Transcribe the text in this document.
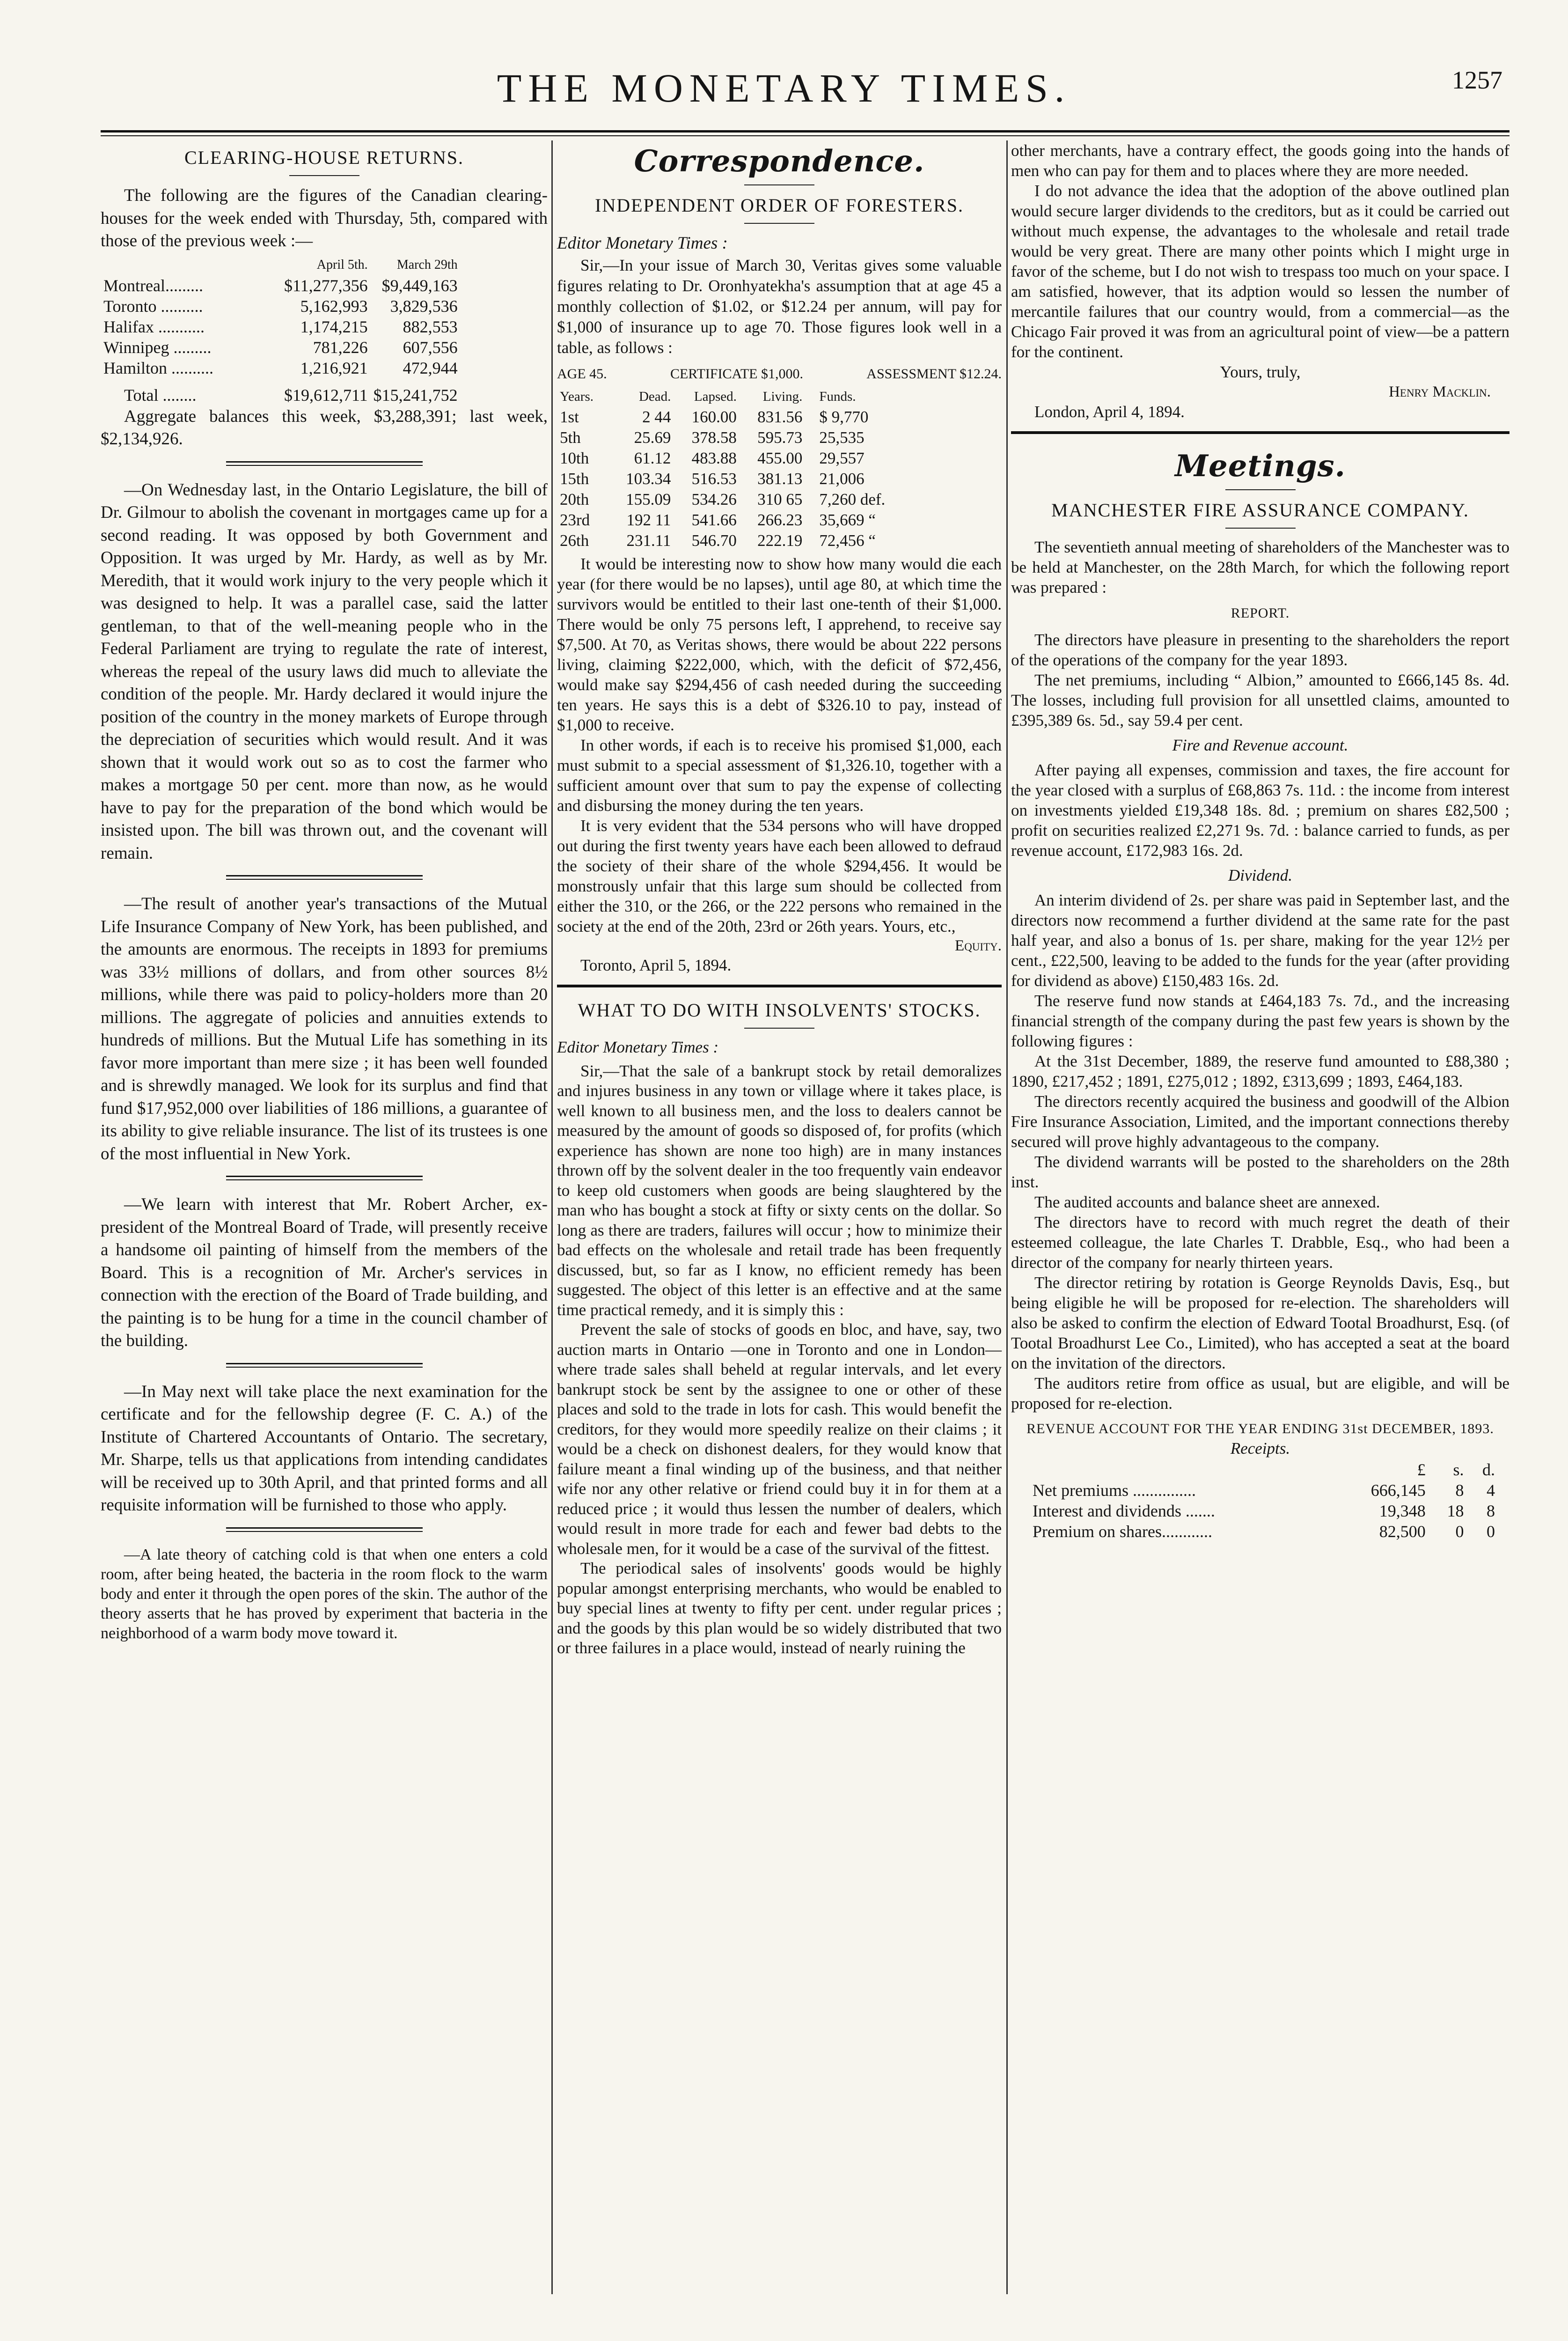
THE MONETARY TIMES.	1257
CLEARING-HOUSE RETURNS.

The following are the figures of the Canadian clearing-houses for the week ended with Thursday, 5th, compared with those of the previous week :—

	April 5th.	March 29th
Montreal.........	$11,277,356	$9,449,163
Toronto ..........	5,162,993	3,829,536
Halifax ...........	1,174,215	882,553
Winnipeg .........	781,226	607,556
Hamilton ..........	1,216,921	472,944
Total ........	$19,612,711	$15,241,752

Aggregate balances this week, $3,288,391; last week, $2,134,926.

—On Wednesday last, in the Ontario Legislature, the bill of Dr. Gilmour to abolish the covenant in mortgages came up for a second reading. It was opposed by both Government and Opposition. It was urged by Mr. Hardy, as well as by Mr. Meredith, that it would work injury to the very people which it was designed to help. It was a parallel case, said the latter gentleman, to that of the well-meaning people who in the Federal Parliament are trying to regulate the rate of interest, whereas the repeal of the usury laws did much to alleviate the condition of the people. Mr. Hardy declared it would injure the position of the country in the money markets of Europe through the depreciation of securities which would result. And it was shown that it would work out so as to cost the farmer who makes a mortgage 50 per cent. more than now, as he would have to pay for the preparation of the bond which would be insisted upon. The bill was thrown out, and the covenant will remain.

—The result of another year's transactions of the Mutual Life Insurance Company of New York, has been published, and the amounts are enormous. The receipts in 1893 for premiums was 33½ millions of dollars, and from other sources 8½ millions, while there was paid to policy-holders more than 20 millions. The aggregate of policies and annuities extends to hundreds of millions. But the Mutual Life has something in its favor more important than mere size ; it has been well founded and is shrewdly managed. We look for its surplus and find that fund $17,952,000 over liabilities of 186 millions, a guarantee of its ability to give reliable insurance. The list of its trustees is one of the most influential in New York.

—We learn with interest that Mr. Robert Archer, ex-president of the Montreal Board of Trade, will presently receive a handsome oil painting of himself from the members of the Board. This is a recognition of Mr. Archer's services in connection with the erection of the Board of Trade building, and the painting is to be hung for a time in the council chamber of the building.

—In May next will take place the next examination for the certificate and for the fellowship degree (F. C. A.) of the Institute of Chartered Accountants of Ontario. The secretary, Mr. Sharpe, tells us that applications from intending candidates will be received up to 30th April, and that printed forms and all requisite information will be furnished to those who apply.

—A late theory of catching cold is that when one enters a cold room, after being heated, the bacteria in the room flock to the warm body and enter it through the open pores of the skin. The author of the theory asserts that he has proved by experiment that bacteria in the neighborhood of a warm body move toward it.

Correspondence.
INDEPENDENT ORDER OF FORESTERS.

Editor Monetary Times :

Sir,—In your issue of March 30, Veritas gives some valuable figures relating to Dr. Oronhyatekha's assumption that at age 45 a monthly collection of $1.02, or $12.24 per annum, will pay for $1,000 of insurance up to age 70. Those figures look well in a table, as follows :

AGE 45.	CERTIFICATE $1,000.	ASSESSMENT $12.24.
Years.	Dead.	Lapsed.	Living.	Funds.
1st	2 44	160.00	831.56	$ 9,770
5th	25.69	378.58	595.73	25,535
10th	61.12	483.88	455.00	29,557
15th	103.34	516.53	381.13	21,006
20th	155.09	534.26	310 65	7,260 def.
23rd	192 11	541.66	266.23	35,669 “
26th	231.11	546.70	222.19	72,456 “

It would be interesting now to show how many would die each year (for there would be no lapses), until age 80, at which time the survivors would be entitled to their last one-tenth of their $1,000. There would be only 75 persons left, I apprehend, to receive say $7,500. At 70, as Veritas shows, there would be about 222 persons living, claiming $222,000, which, with the deficit of $72,456, would make say $294,456 of cash needed during the succeeding ten years. He says this is a debt of $326.10 to pay, instead of $1,000 to receive.

In other words, if each is to receive his promised $1,000, each must submit to a special assessment of $1,326.10, together with a sufficient amount over that sum to pay the expense of collecting and disbursing the money during the ten years.

It is very evident that the 534 persons who will have dropped out during the first twenty years have each been allowed to defraud the society of their share of the whole $294,456. It would be monstrously unfair that this large sum should be collected from either the 310, or the 266, or the 222 persons who remained in the society at the end of the 20th, 23rd or 26th years. Yours, etc.,

Equity.

Toronto, April 5, 1894.

WHAT TO DO WITH INSOLVENTS' STOCKS.

Editor Monetary Times :

Sir,—That the sale of a bankrupt stock by retail demoralizes and injures business in any town or village where it takes place, is well known to all business men, and the loss to dealers cannot be measured by the amount of goods so disposed of, for profits (which experience has shown are none too high) are in many instances thrown off by the solvent dealer in the too frequently vain endeavor to keep old customers when goods are being slaughtered by the man who has bought a stock at fifty or sixty cents on the dollar. So long as there are traders, failures will occur ; how to minimize their bad effects on the wholesale and retail trade has been frequently discussed, but, so far as I know, no efficient remedy has been suggested. The object of this letter is an effective and at the same time practical remedy, and it is simply this :

Prevent the sale of stocks of goods en bloc, and have, say, two auction marts in Ontario —one in Toronto and one in London—where trade sales shall beheld at regular intervals, and let every bankrupt stock be sent by the assignee to one or other of these places and sold to the trade in lots for cash. This would benefit the creditors, for they would more speedily realize on their claims ; it would be a check on dishonest dealers, for they would know that failure meant a final winding up of the business, and that neither wife nor any other relative or friend could buy it in for them at a reduced price ; it would thus lessen the number of dealers, which would result in more trade for each and fewer bad debts to the wholesale men, for it would be a case of the survival of the fittest.

The periodical sales of insolvents' goods would be highly popular amongst enterprising merchants, who would be enabled to buy special lines at twenty to fifty per cent. under regular prices ; and the goods by this plan would be so widely distributed that two or three failures in a place would, instead of nearly ruining the

other merchants, have a contrary effect, the goods going into the hands of men who can pay for them and to places where they are more needed.

I do not advance the idea that the adoption of the above outlined plan would secure larger dividends to the creditors, but as it could be carried out without much expense, the advantages to the wholesale and retail trade would be very great. There are many other points which I might urge in favor of the scheme, but I do not wish to trespass too much on your space. I am satisfied, however, that its adption would so lessen the number of mercantile failures that our country would, from a commercial—as the Chicago Fair proved it was from an agricultural point of view—be a pattern for the continent.

Yours, truly,

Henry Macklin.

London, April 4, 1894.

Meetings.
MANCHESTER FIRE ASSURANCE COMPANY.

The seventieth annual meeting of shareholders of the Manchester was to be held at Manchester, on the 28th March, for which the following report was prepared :

REPORT.

The directors have pleasure in presenting to the shareholders the report of the operations of the company for the year 1893.

The net premiums, including “ Albion,” amounted to £666,145 8s. 4d. The losses, including full provision for all unsettled claims, amounted to £395,389 6s. 5d., say 59.4 per cent.

Fire and Revenue account.

After paying all expenses, commission and taxes, the fire account for the year closed with a surplus of £68,863 7s. 11d. : the income from interest on investments yielded £19,348 18s. 8d. ; premium on shares £82,500 ; profit on securities realized £2,271 9s. 7d. : balance carried to funds, as per revenue account, £172,983 16s. 2d.

Dividend.

An interim dividend of 2s. per share was paid in September last, and the directors now recommend a further dividend at the same rate for the past half year, and also a bonus of 1s. per share, making for the year 12½ per cent., £22,500, leaving to be added to the funds for the year (after providing for dividend as above) £150,483 16s. 2d.

The reserve fund now stands at £464,183 7s. 7d., and the increasing financial strength of the company during the past few years is shown by the following figures :

At the 31st December, 1889, the reserve fund amounted to £88,380 ; 1890, £217,452 ; 1891, £275,012 ; 1892, £313,699 ; 1893, £464,183.

The directors recently acquired the business and goodwill of the Albion Fire Insurance Association, Limited, and the important connections thereby secured will prove highly advantageous to the company.

The dividend warrants will be posted to the shareholders on the 28th inst.

The audited accounts and balance sheet are annexed.

The directors have to record with much regret the death of their esteemed colleague, the late Charles T. Drabble, Esq., who had been a director of the company for nearly thirteen years.

The director retiring by rotation is George Reynolds Davis, Esq., but being eligible he will be proposed for re-election. The shareholders will also be asked to confirm the election of Edward Tootal Broadhurst, Esq. (of Tootal Broadhurst Lee Co., Limited), who has accepted a seat at the board on the invitation of the directors.

The auditors retire from office as usual, but are eligible, and will be proposed for re-election.

REVENUE ACCOUNT FOR THE YEAR ENDING 31st DECEMBER, 1893.

Receipts.

	£	s.	d.
Net premiums ...............	666,145	8	4
Interest and dividends .......	19,348	18	8
Premium on shares............	82,500	0	0
